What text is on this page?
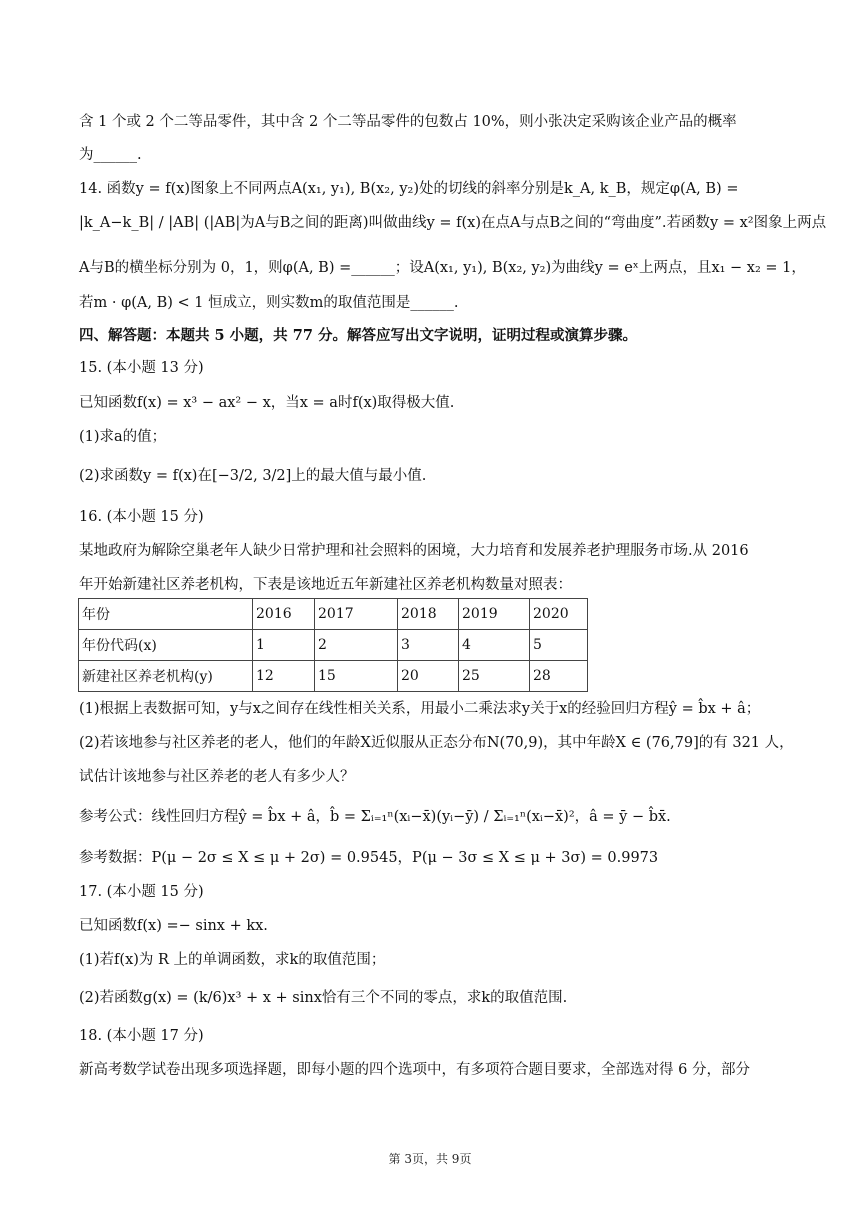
含 1 个或 2 个二等品零件，其中含 2 个二等品零件的包数占 10%，则小张决定采购该企业产品的概率
为______.
14. 函数y = f(x)图象上不同两点A(x₁, y₁), B(x₂, y₂)处的切线的斜率分别是k_A, k_B，规定φ(A, B) =
|k_A−k_B| / |AB| (|AB|为A与B之间的距离)叫做曲线y = f(x)在点A与点B之间的“弯曲度”.若函数y = x²图象上两点
A与B的横坐标分别为 0，1，则φ(A, B) =______；设A(x₁, y₁), B(x₂, y₂)为曲线y = eˣ上两点，且x₁ − x₂ = 1，
若m · φ(A, B) < 1 恒成立，则实数m的取值范围是______.
四、解答题：本题共 5 小题，共 77 分。解答应写出文字说明，证明过程或演算步骤。
15. (本小题 13 分)
已知函数f(x) = x³ − ax² − x，当x = a时f(x)取得极大值.
(1)求a的值；
(2)求函数y = f(x)在[−3/2, 3/2]上的最大值与最小值.
16. (本小题 15 分)
某地政府为解除空巢老年人缺少日常护理和社会照料的困境，大力培育和发展养老护理服务市场.从 2016
年开始新建社区养老机构，下表是该地近五年新建社区养老机构数量对照表：
年份	2016	2017	2018	2019	2020
年份代码(x)	1	2	3	4	5
新建社区养老机构(y)	12	15	20	25	28
(1)根据上表数据可知，y与x之间存在线性相关关系，用最小二乘法求y关于x的经验回归方程ŷ = b̂x + â；
(2)若该地参与社区养老的老人，他们的年龄X近似服从正态分布N(70,9)，其中年龄X ∈ (76,79]的有 321 人，
试估计该地参与社区养老的老人有多少人？
参考公式：线性回归方程ŷ = b̂x + â，b̂ = Σᵢ₌₁ⁿ(xᵢ−x̄)(yᵢ−ȳ) / Σᵢ₌₁ⁿ(xᵢ−x̄)²，â = ȳ − b̂x̄.
参考数据：P(μ − 2σ ≤ X ≤ μ + 2σ) = 0.9545，P(μ − 3σ ≤ X ≤ μ + 3σ) = 0.9973
17. (本小题 15 分)
已知函数f(x) =− sinx + kx.
(1)若f(x)为 R 上的单调函数，求k的取值范围；
(2)若函数g(x) = (k/6)x³ + x + sinx恰有三个不同的零点，求k的取值范围.
18. (本小题 17 分)
新高考数学试卷出现多项选择题，即每小题的四个选项中，有多项符合题目要求，全部选对得 6 分，部分
第 3页，共 9页
